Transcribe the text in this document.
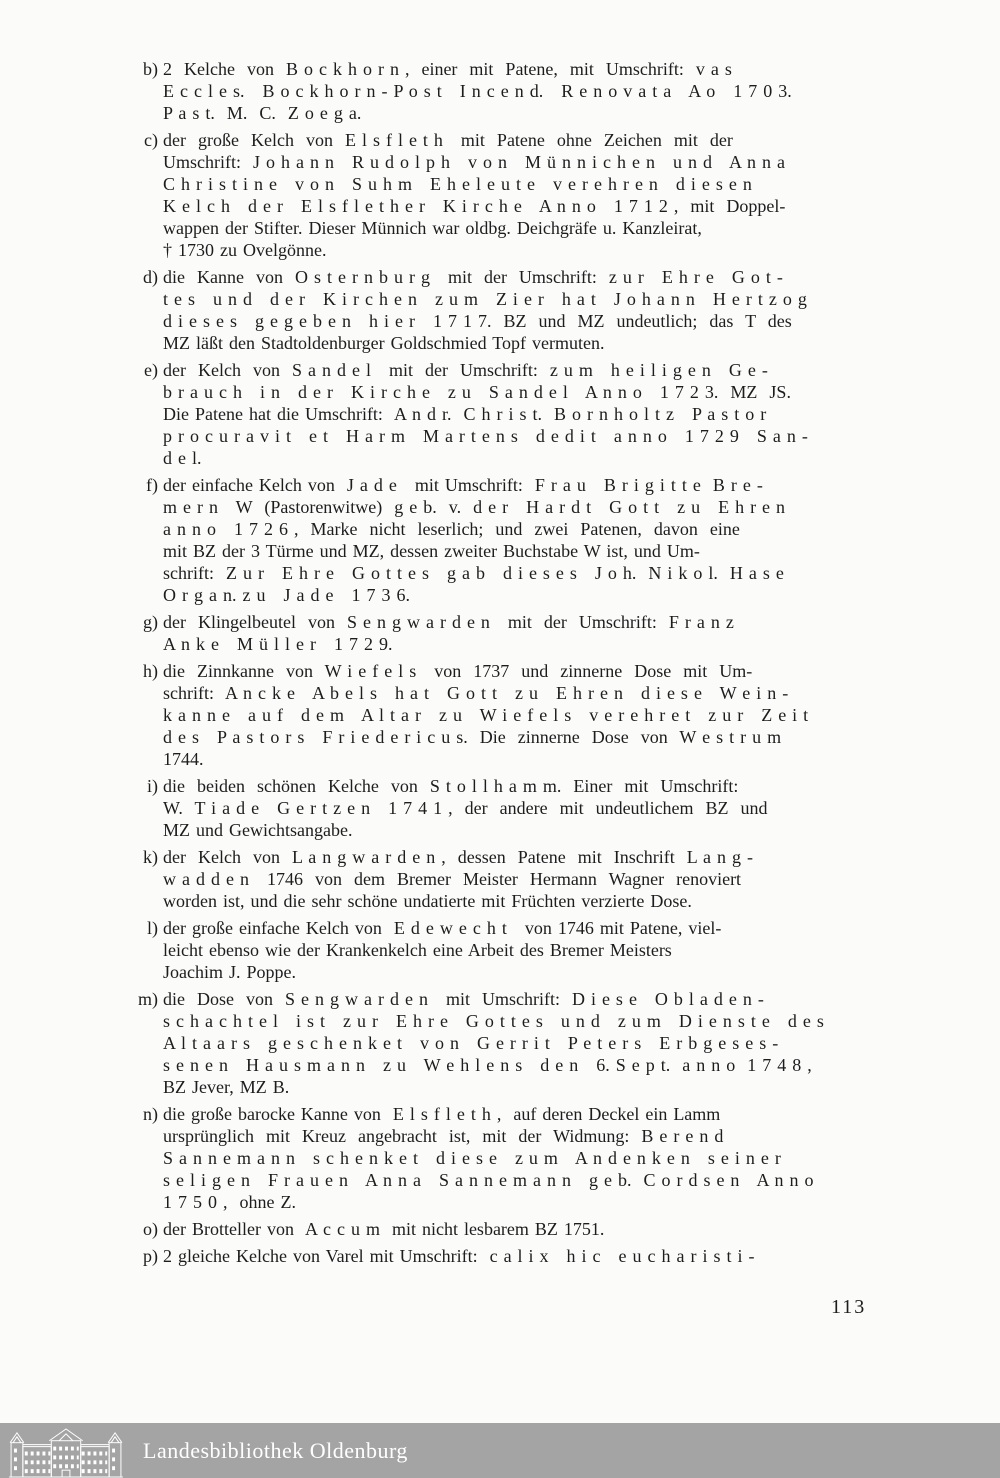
b) 2  Kelche  von  B o c k h o r n ,  einer  mit  Patene,  mit  Umschrift:  v a s
E c c l e s.   B o c k h o r n - P o s t   I n c e n d.   R e n o v a t a   A o   1 7 0 3.
P a s t.  M.  C.  Z o e g a.
c) der  große  Kelch  von  E l s f l e t h   mit  Patene  ohne  Zeichen  mit  der
Umschrift:  J o h a n n   R u d o l p h   v o n   M ü n n i c h e n   u n d   A n n a
C h r i s t i n e   v o n   S u h m   E h e l e u t e   v e r e h r e n   d i e s e n
K e l c h   d e r   E l s f l e t h e r   K i r c h e   A n n o   1 7 1 2 ,  mit  Doppel-
wappen der Stifter. Dieser Münnich war oldbg. Deichgräfe u. Kanzleirat,
† 1730 zu Ovelgönne.
d) die  Kanne  von  O s t e r n b u r g   mit  der  Umschrift:  z u r   E h r e   G o t -
t e s   u n d   d e r   K i r c h e n   z u m   Z i e r   h a t   J o h a n n   H e r t z o g
d i e s e s   g e g e b e n   h i e r   1 7 1 7.  BZ  und  MZ  undeutlich;  das  T  des
MZ läßt den Stadtoldenburger Goldschmied Topf vermuten.
e) der  Kelch  von  S a n d e l   mit  der  Umschrift:  z u m   h e i l i g e n   G e -
b r a u c h   i n   d e r   K i r c h e   z u   S a n d e l   A n n o   1 7 2 3.  MZ  JS.
Die Patene hat die Umschrift:  A n d r.  C h r i s t.  B o r n h o l t z   P a s t o r
p r o c u r a v i t   e t   H a r m   M a r t e n s   d e d i t   a n n o   1 7 2 9   S a n -
d e l.
f) der einfache Kelch von  J a d e   mit Umschrift:  F r a u   B r i g i t t e  B r e -
m e r n   W  (Pastorenwitwe)  g e b.  v.  d e r   H a r d t   G o t t   z u   E h r e n
a n n o   1 7 2 6 ,  Marke  nicht  leserlich;  und  zwei  Patenen,  davon  eine
mit BZ der 3 Türme und MZ, dessen zweiter Buchstabe W ist, und Um-
schrift:  Z u r   E h r e   G o t t e s   g a b   d i e s e s   J o h.  N i k o l.  H a s e
O r g a n. z u   J a d e   1 7 3 6.
g) der  Klingelbeutel  von  S e n g w a r d e n   mit  der  Umschrift:  F r a n z
A n k e   M ü l l e r   1 7 2 9.
h) die  Zinnkanne  von  W i e f e l s   von  1737  und  zinnerne  Dose  mit  Um-
schrift:  A n c k e   A b e l s   h a t   G o t t   z u   E h r e n   d i e s e   W e i n -
k a n n e   a u f   d e m   A l t a r   z u   W i e f e l s   v e r e h r e t   z u r   Z e i t
d e s   P a s t o r s   F r i e d e r i c u s.  Die  zinnerne  Dose  von  W e s t r u m
1744.
i) die  beiden  schönen  Kelche  von  S t o l l h a m m.  Einer  mit  Umschrift:
W.  T i a d e   G e r t z e n   1 7 4 1 ,  der  andere  mit  undeutlichem  BZ  und
MZ und Gewichtsangabe.
k) der  Kelch  von  L a n g w a r d e n ,  dessen  Patene  mit  Inschrift  L a n g -
w a d d e n   1746  von  dem  Bremer  Meister  Hermann  Wagner  renoviert
worden ist, und die sehr schöne undatierte mit Früchten verzierte Dose.
l) der große einfache Kelch von  E d e w e c h t   von 1746 mit Patene, viel-
leicht ebenso wie der Krankenkelch eine Arbeit des Bremer Meisters
Joachim J. Poppe.
m) die  Dose  von  S e n g w a r d e n   mit  Umschrift:  D i e s e   O b l a d e n -
s c h a c h t e l   i s t   z u r   E h r e   G o t t e s   u n d   z u m   D i e n s t e   d e s
A l t a a r s   g e s c h e n k e t   v o n   G e r r i t   P e t e r s   E r b g e s e s -
s e n e n   H a u s m a n n   z u   W e h l e n s   d e n   6. S e p t.  a n n o  1 7 4 8 ,
BZ Jever, MZ B.
n) die große barocke Kanne von  E l s f l e t h ,  auf deren Deckel ein Lamm
ursprünglich  mit  Kreuz  angebracht  ist,  mit  der  Widmung:  B e r e n d
S a n n e m a n n   s c h e n k e t   d i e s e   z u m   A n d e n k e n   s e i n e r
s e l i g e n   F r a u e n   A n n a   S a n n e m a n n   g e b.  C o r d s e n   A n n o
1 7 5 0 ,  ohne Z.
o) der Brotteller von  A c c u m  mit nicht lesbarem BZ 1751.
p) 2 gleiche Kelche von Varel mit Umschrift:  c a l i x   h i c   e u c h a r i s t i -
113
Landesbibliothek Oldenburg
